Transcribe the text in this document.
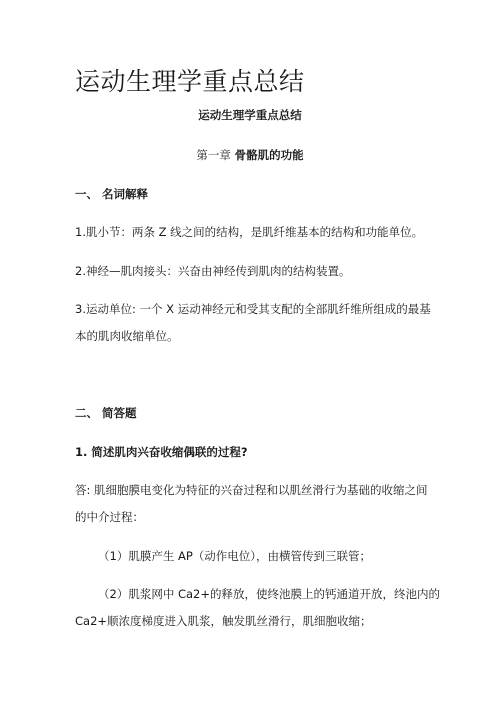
运动生理学重点总结
运动生理学重点总结
第一章 骨骼肌的功能
一、 名词解释
1.肌小节：两条 Z 线之间的结构，是肌纤维基本的结构和功能单位。
2.神经—肌肉接头：兴奋由神经传到肌肉的结构装置。
3.运动单位: 一个 X 运动神经元和受其支配的全部肌纤维所组成的最基
本的肌肉收缩单位。
二、 简答题
1. 简述肌肉兴奋收缩偶联的过程?
答: 肌细胞膜电变化为特征的兴奋过程和以肌丝滑行为基础的收缩之间
的中介过程：
（1）肌膜产生 AP（动作电位），由横管传到三联管；
（2）肌浆网中 Ca2+的释放，使终池膜上的钙通道开放，终池内的
Ca2+顺浓度梯度进入肌浆，触发肌丝滑行，肌细胞收缩；
